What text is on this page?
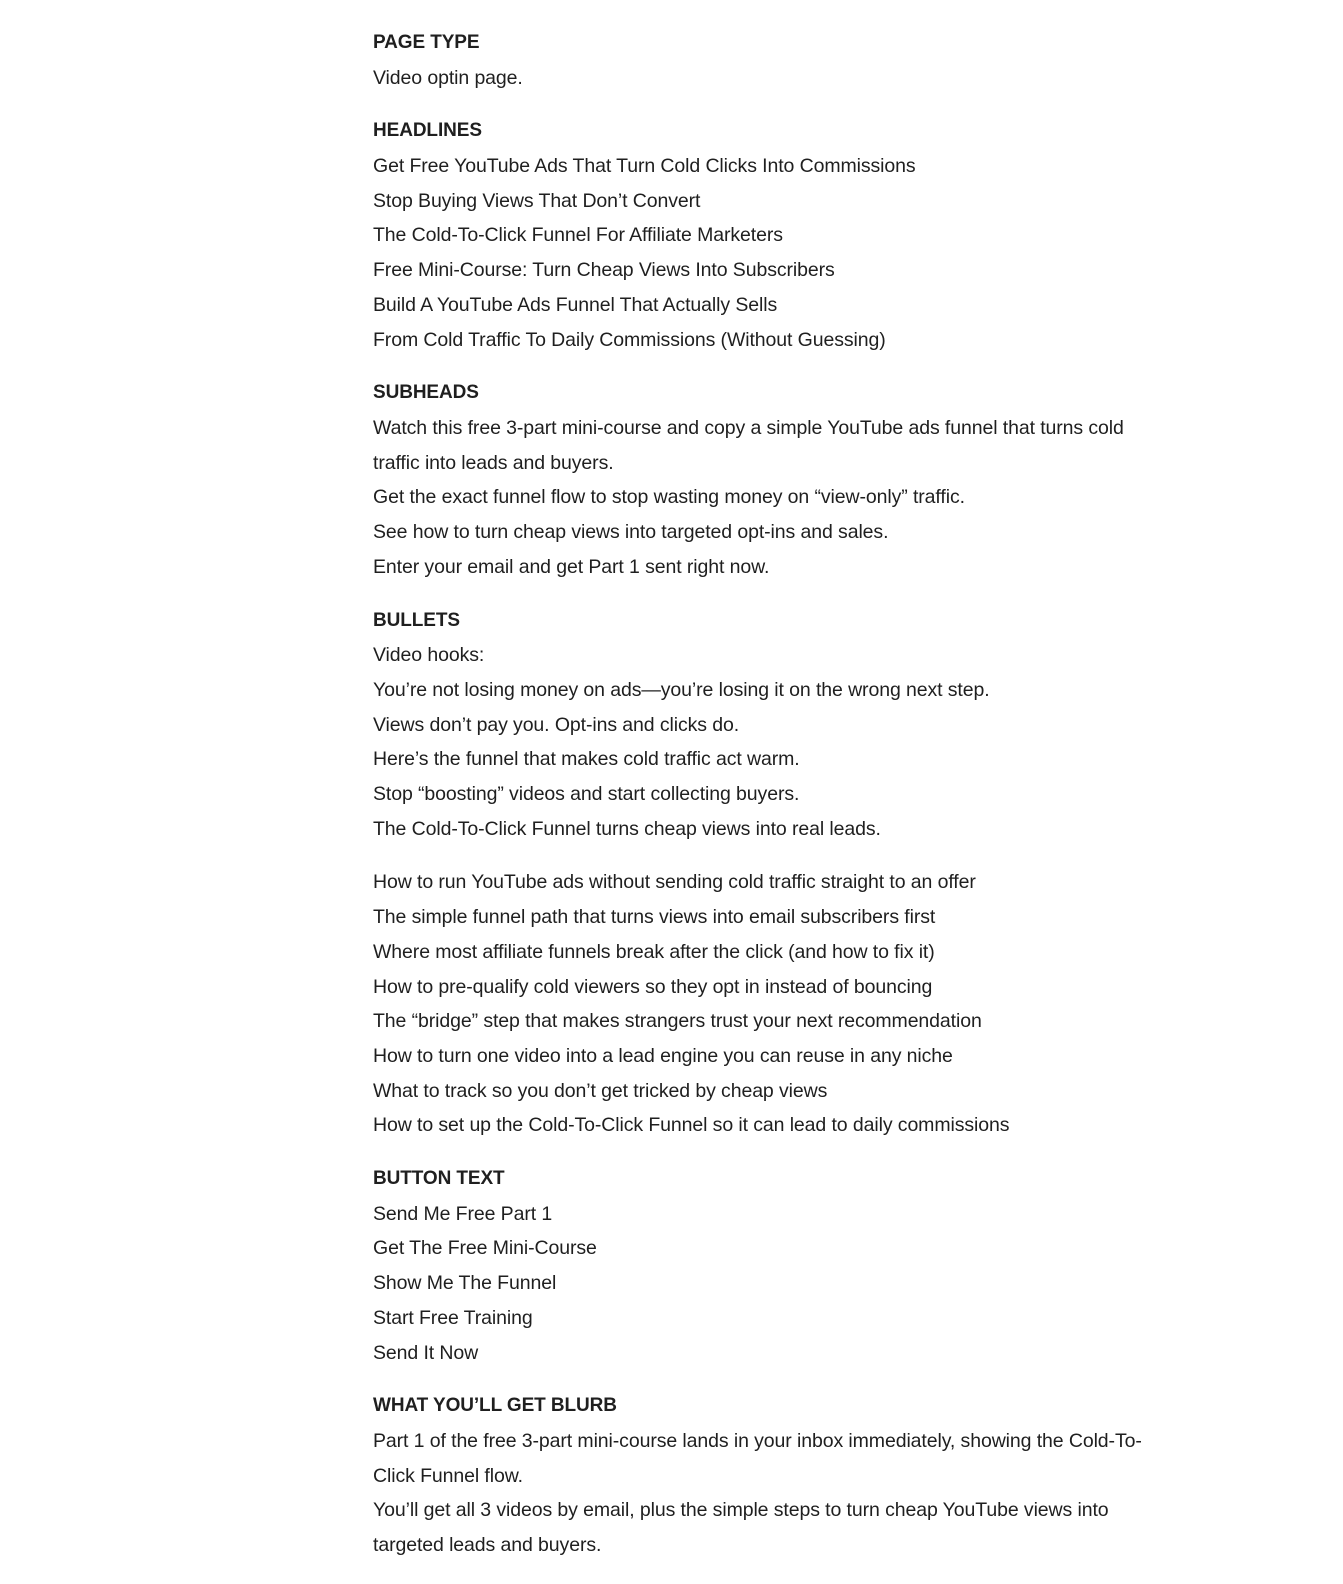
PAGE TYPE
Video optin page.
HEADLINES
Get Free YouTube Ads That Turn Cold Clicks Into Commissions
Stop Buying Views That Don’t Convert
The Cold-To-Click Funnel For Affiliate Marketers
Free Mini-Course: Turn Cheap Views Into Subscribers
Build A YouTube Ads Funnel That Actually Sells
From Cold Traffic To Daily Commissions (Without Guessing)
SUBHEADS
Watch this free 3-part mini-course and copy a simple YouTube ads funnel that turns cold traffic into leads and buyers.
Get the exact funnel flow to stop wasting money on “view-only” traffic.
See how to turn cheap views into targeted opt-ins and sales.
Enter your email and get Part 1 sent right now.
BULLETS
Video hooks:
You’re not losing money on ads—you’re losing it on the wrong next step.
Views don’t pay you. Opt-ins and clicks do.
Here’s the funnel that makes cold traffic act warm.
Stop “boosting” videos and start collecting buyers.
The Cold-To-Click Funnel turns cheap views into real leads.
How to run YouTube ads without sending cold traffic straight to an offer
The simple funnel path that turns views into email subscribers first
Where most affiliate funnels break after the click (and how to fix it)
How to pre-qualify cold viewers so they opt in instead of bouncing
The “bridge” step that makes strangers trust your next recommendation
How to turn one video into a lead engine you can reuse in any niche
What to track so you don’t get tricked by cheap views
How to set up the Cold-To-Click Funnel so it can lead to daily commissions
BUTTON TEXT
Send Me Free Part 1
Get The Free Mini-Course
Show Me The Funnel
Start Free Training
Send It Now
WHAT YOU’LL GET BLURB
Part 1 of the free 3-part mini-course lands in your inbox immediately, showing the Cold-To-Click Funnel flow.
You’ll get all 3 videos by email, plus the simple steps to turn cheap YouTube views into targeted leads and buyers.
